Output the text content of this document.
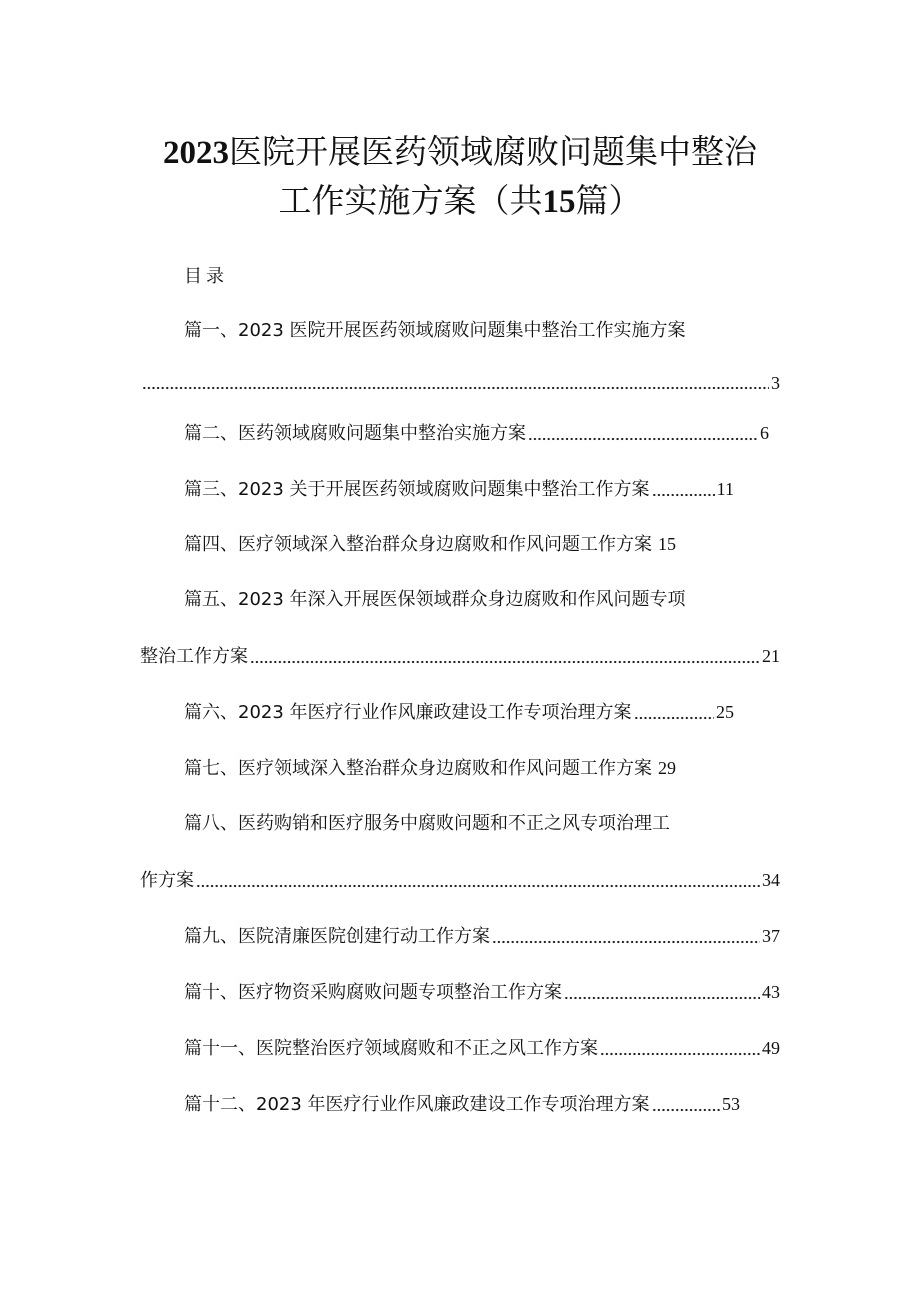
2023医院开展医药领域腐败问题集中整治
工作实施方案（共15篇）
目录
篇一、2023 医院开展医药领域腐败问题集中整治工作实施方案
3
篇二、医药领域腐败问题集中整治实施方案	6
篇三、2023 关于开展医药领域腐败问题集中整治工作方案	11
篇四、医疗领域深入整治群众身边腐败和作风问题工作方案 15
篇五、2023 年深入开展医保领域群众身边腐败和作风问题专项
整治工作方案	21
篇六、2023 年医疗行业作风廉政建设工作专项治理方案	25
篇七、医疗领域深入整治群众身边腐败和作风问题工作方案 29
篇八、医药购销和医疗服务中腐败问题和不正之风专项治理工
作方案	34
篇九、医院清廉医院创建行动工作方案	37
篇十、医疗物资采购腐败问题专项整治工作方案	43
篇十一、医院整治医疗领域腐败和不正之风工作方案	49
篇十二、2023 年医疗行业作风廉政建设工作专项治理方案	53
